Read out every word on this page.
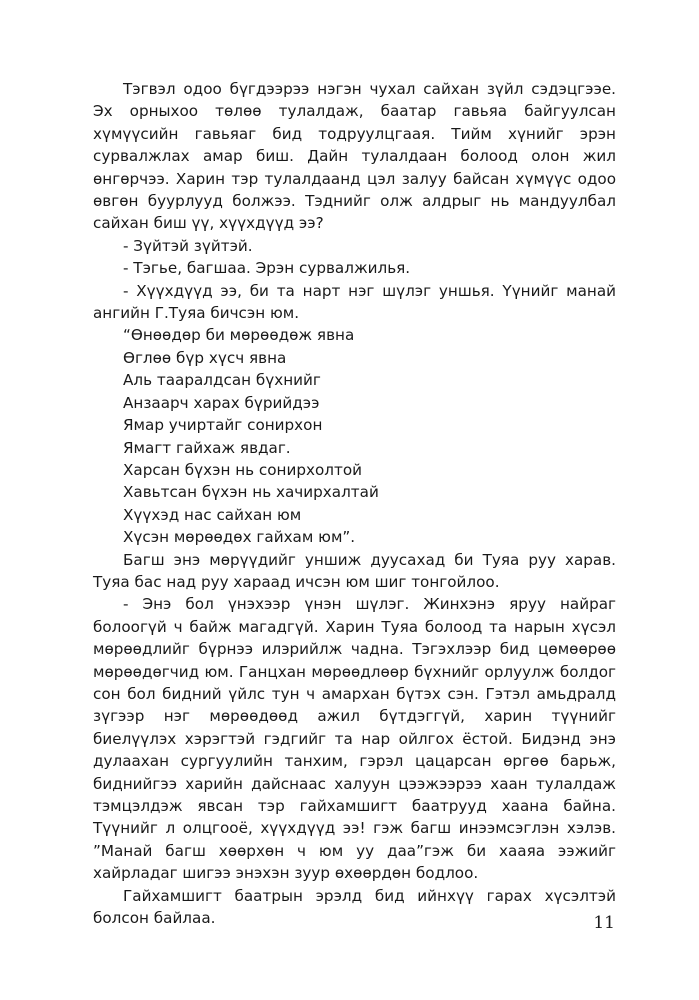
Тэгвэл одоо бүгдээрээ нэгэн чухал сайхан зүйл сэдэцгээе. Эх орныхоо төлөө тулалдаж, баатар гавьяа байгуулсан хүмүүсийн гавьяаг бид тодруулцгаая. Тийм хүнийг эрэн сурвалжлах амар биш. Дайн тулалдаан болоод олон жил өнгөрчээ. Харин тэр тулалдаанд цэл залуу байсан хүмүүс одоо өвгөн буурлууд болжээ. Тэднийг олж алдрыг нь мандуулбал сайхан биш үү, хүүхдүүд ээ?

- Зүйтэй зүйтэй.

- Тэгье, багшаа. Эрэн сурвалжилья.

- Хүүхдүүд ээ, би та нарт нэг шүлэг уншья. Үүнийг манай ангийн Г.Туяа бичсэн юм.

“Өнөөдөр би мөрөөдөж явна
Өглөө бүр хүсч явна
Аль таарал​дсан бүхнийг
Анзаарч харах бүрийдээ
Ямар учиртайг сонирхон
Ямагт гайхаж явдаг.
Харсан бүхэн нь сонирхолтой
Хавьтсан бүхэн нь хачирхалтай
Хүүхэд нас сайхан юм
Хүсэн мөрөөдөх гайхам юм”.

Багш энэ мөрүүдийг уншиж дуусахад би Туяа руу харав. Туяа бас над руу хараад ичсэн юм шиг тонгойлоо.

- Энэ бол үнэхээр үнэн шүлэг. Жинхэнэ яруу найраг болоогүй ч байж магадгүй. Харин Туяа болоод та нарын хүсэл мөрөөдлийг бүрнээ илэрийлж чадна. Тэгэхлээр бид цөмөөрөө мөрөөдөгчид юм. Ганцхан мөрөөдлөөр бүхнийг орлуулж болдог сон бол бидний үйлс тун ч амархан бүтэх сэн. Гэтэл амьдралд зүгээр нэг мөрөөдөөд ажил бүтдэггүй, харин түүнийг биелүүлэх хэрэгтэй гэдгийг та нар ойлгох ёстой. Бидэнд энэ дулаахан сургуулийн танхим, гэрэл цацарсан өргөө барьж, биднийгээ харийн дайснаас халуун цээжээрээ хаан тулалдаж тэмцэлдэж явсан тэр гайхамшигт баатрууд хаана байна. Түүнийг л олцгооё, хүүхдүүд ээ! гэж багш инээмсэглэн хэлэв. ”Манай багш хөөрхөн ч юм уу даа”гэж би хааяа ээжийг хайрладаг шигээ энэхэн зуур өхөөрдөн бодлоо.

Гайхамшигт баатрын эрэлд бид ийнхүү гарах хүсэлтэй болсон байлаа.	11
